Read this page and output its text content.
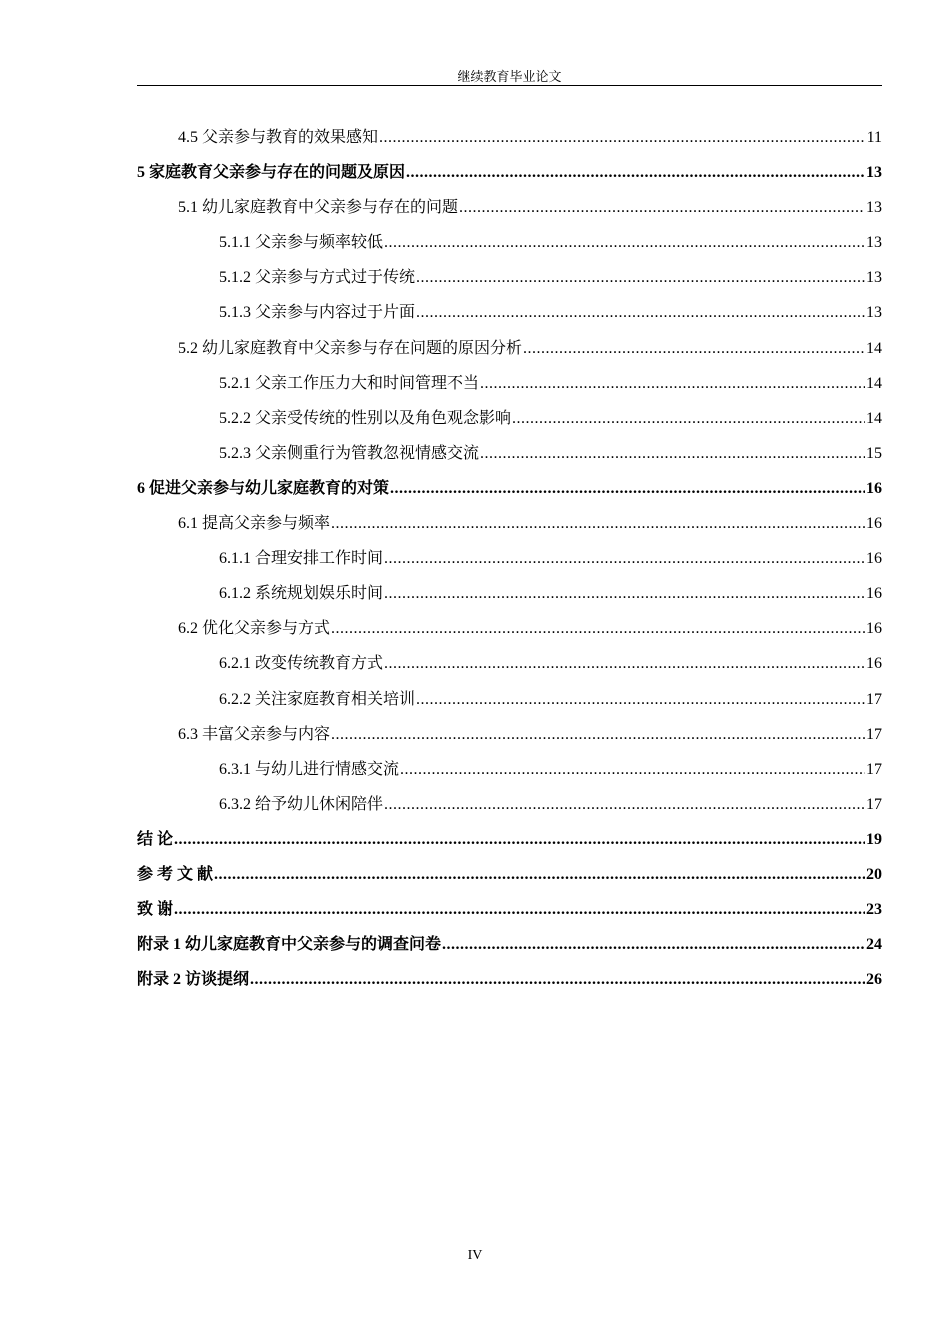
继续教育毕业论文
4.5 父亲参与教育的效果感知 .....	11
5 家庭教育父亲参与存在的问题及原因 .....	13
5.1 幼儿家庭教育中父亲参与存在的问题 .....	13
5.1.1 父亲参与频率较低 .....	13
5.1.2 父亲参与方式过于传统 .....	13
5.1.3 父亲参与内容过于片面 .....	13
5.2 幼儿家庭教育中父亲参与存在问题的原因分析 .....	14
5.2.1 父亲工作压力大和时间管理不当 .....	14
5.2.2 父亲受传统的性别以及角色观念影响 .....	14
5.2.3 父亲侧重行为管教忽视情感交流 .....	15
6 促进父亲参与幼儿家庭教育的对策 .....	16
6.1 提高父亲参与频率 .....	16
6.1.1 合理安排工作时间 .....	16
6.1.2 系统规划娱乐时间 .....	16
6.2 优化父亲参与方式 .....	16
6.2.1 改变传统教育方式 .....	16
6.2.2 关注家庭教育相关培训 .....	17
6.3 丰富父亲参与内容 .....	17
6.3.1 与幼儿进行情感交流 .....	17
6.3.2 给予幼儿休闲陪伴 .....	17
结 论 .....	19
参 考 文 献 .....	20
致 谢 .....	23
附录 1 幼儿家庭教育中父亲参与的调查问卷 .....	24
附录 2 访谈提纲 .....	26
IV
